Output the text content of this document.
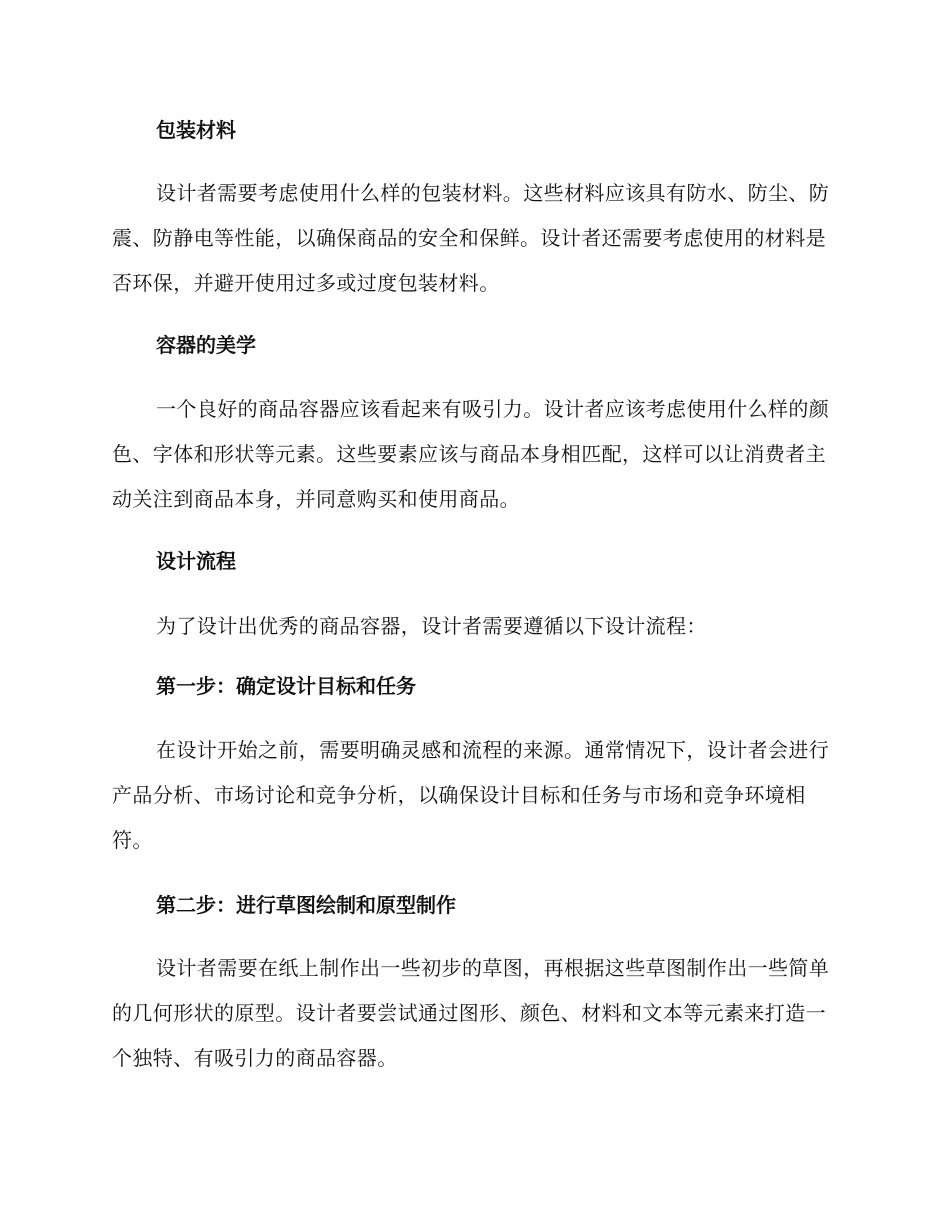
包装材料

设计者需要考虑使用什么样的包装材料。这些材料应该具有防水、防尘、防震、防静电等性能，以确保商品的安全和保鲜。设计者还需要考虑使用的材料是否环保，并避开使用过多或过度包装材料。

容器的美学

一个良好的商品容器应该看起来有吸引力。设计者应该考虑使用什么样的颜色、字体和形状等元素。这些要素应该与商品本身相匹配，这样可以让消费者主动关注到商品本身，并同意购买和使用商品。

设计流程

为了设计出优秀的商品容器，设计者需要遵循以下设计流程：

第一步：确定设计目标和任务

在设计开始之前，需要明确灵感和流程的来源。通常情况下，设计者会进行产品分析、市场讨论和竞争分析，以确保设计目标和任务与市场和竞争环境相符。

第二步：进行草图绘制和原型制作

设计者需要在纸上制作出一些初步的草图，再根据这些草图制作出一些简单的几何形状的原型。设计者要尝试通过图形、颜色、材料和文本等元素来打造一个独特、有吸引力的商品容器。
